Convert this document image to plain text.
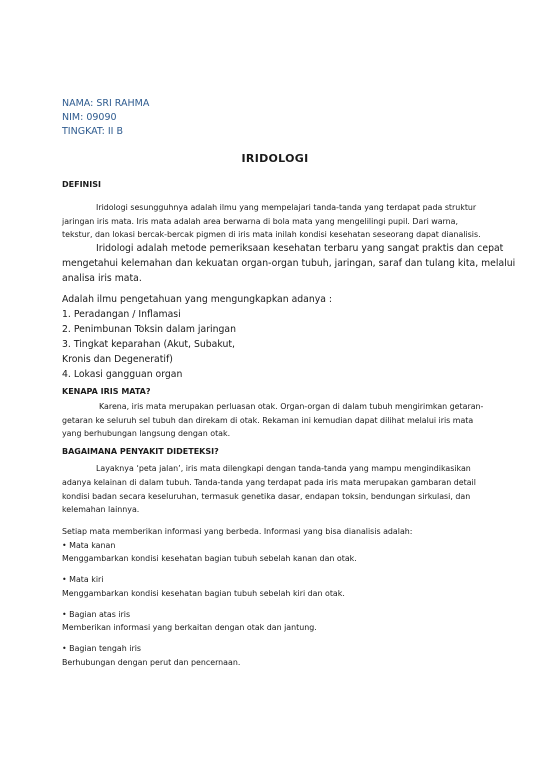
NAMA: SRI RAHMA
NIM: 09090
TINGKAT: II B
IRIDOLOGI
DEFINISI
Iridologi sesungguhnya adalah ilmu yang mempelajari tanda-tanda yang terdapat pada struktur
jaringan iris mata. Iris mata adalah area berwarna di bola mata yang mengelilingi pupil. Dari warna,
tekstur, dan lokasi bercak-bercak pigmen di iris mata inilah kondisi kesehatan seseorang dapat dianalisis.
Iridologi adalah metode pemeriksaan kesehatan terbaru yang sangat praktis dan cepat
mengetahui kelemahan dan kekuatan organ-organ tubuh, jaringan, saraf dan tulang kita, melalui
analisa iris mata.
Adalah ilmu pengetahuan yang mengungkapkan adanya :
1. Peradangan / Inflamasi
2. Penimbunan Toksin dalam jaringan
3. Tingkat keparahan (Akut, Subakut,
Kronis dan Degeneratif)
4. Lokasi gangguan organ
KENAPA IRIS MATA?
Karena, iris mata merupakan perluasan otak. Organ-organ di dalam tubuh mengirimkan getaran-
getaran ke seluruh sel tubuh dan direkam di otak. Rekaman ini kemudian dapat dilihat melalui iris mata
yang berhubungan langsung dengan otak.
BAGAIMANA PENYAKIT DIDETEKSI?
Layaknya ‘peta jalan’, iris mata dilengkapi dengan tanda-tanda yang mampu mengindikasikan
adanya kelainan di dalam tubuh. Tanda-tanda yang terdapat pada iris mata merupakan gambaran detail
kondisi badan secara keseluruhan, termasuk genetika dasar, endapan toksin, bendungan sirkulasi, dan
kelemahan lainnya.
Setiap mata memberikan informasi yang berbeda. Informasi yang bisa dianalisis adalah:
• Mata kanan
Menggambarkan kondisi kesehatan bagian tubuh sebelah kanan dan otak.
• Mata kiri
Menggambarkan kondisi kesehatan bagian tubuh sebelah kiri dan otak.
• Bagian atas iris
Memberikan informasi yang berkaitan dengan otak dan jantung.
• Bagian tengah iris
Berhubungan dengan perut dan pencernaan.
